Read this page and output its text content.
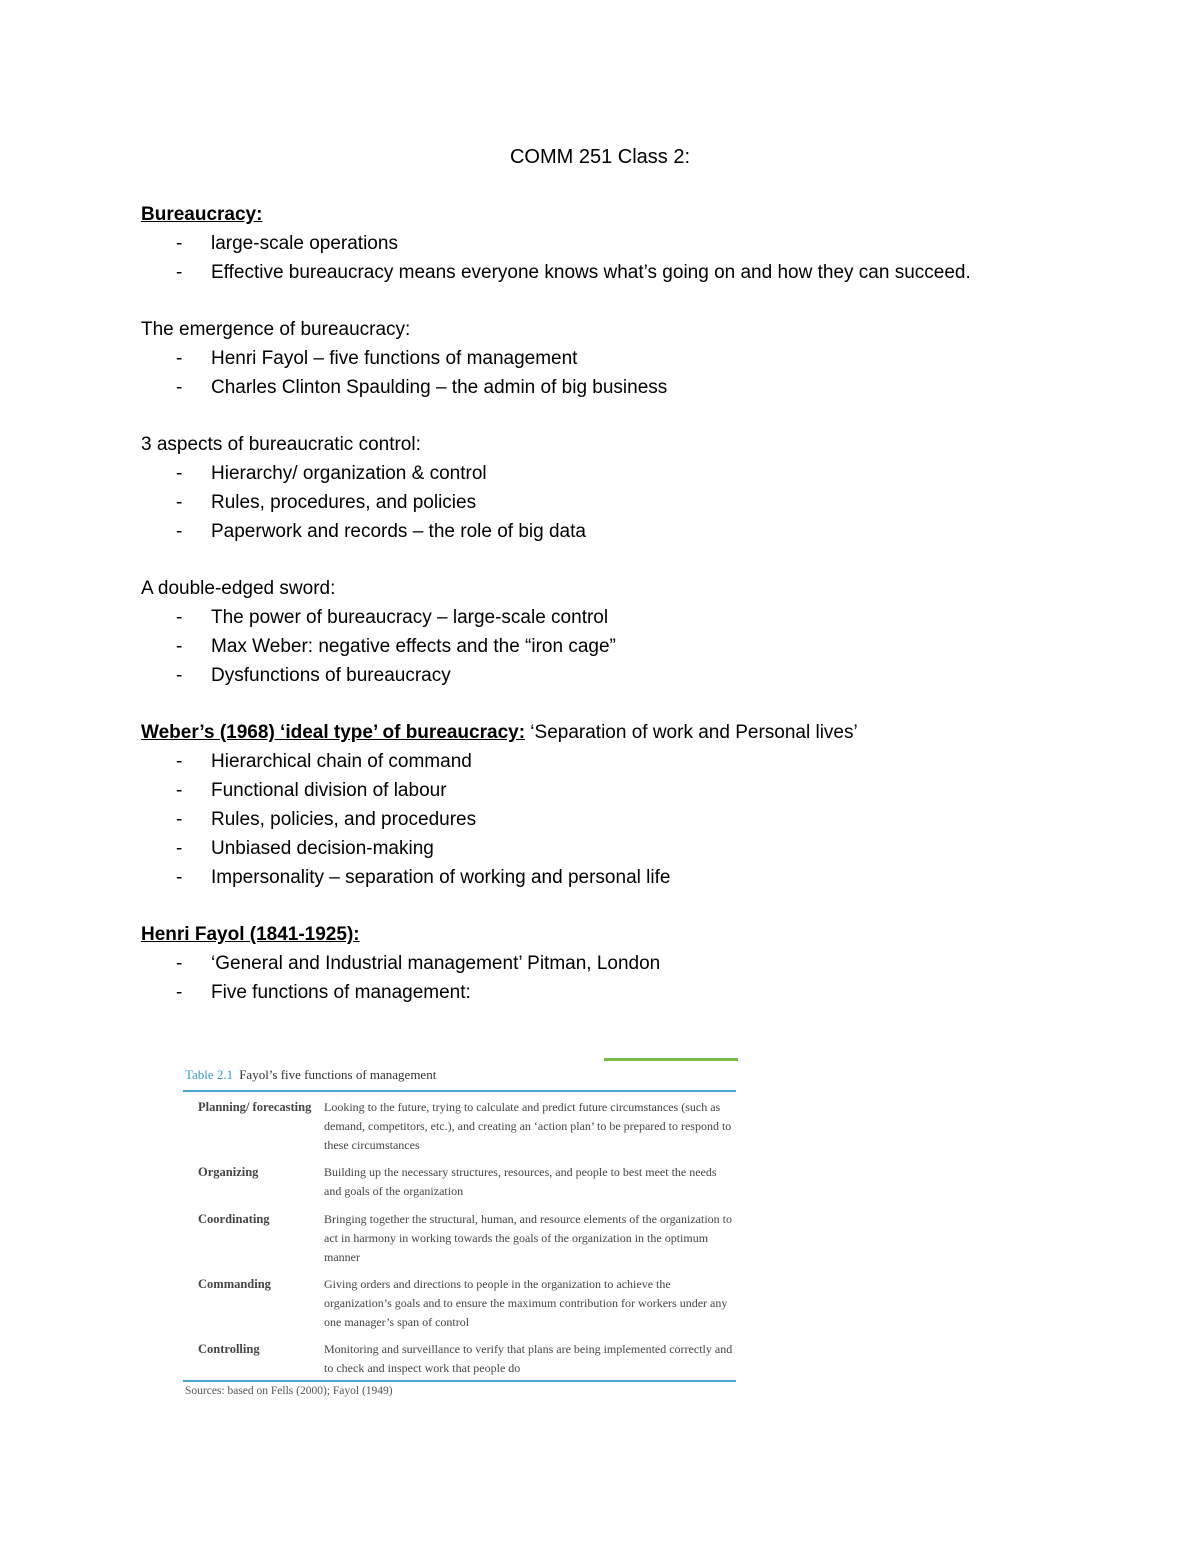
COMM 251 Class 2:
Bureaucracy:
- large-scale operations
- Effective bureaucracy means everyone knows what’s going on and how they can succeed.
The emergence of bureaucracy:
- Henri Fayol – five functions of management
- Charles Clinton Spaulding – the admin of big business
3 aspects of bureaucratic control:
- Hierarchy/ organization & control
- Rules, procedures, and policies
- Paperwork and records – the role of big data
A double-edged sword:
- The power of bureaucracy – large-scale control
- Max Weber: negative effects and the “iron cage”
- Dysfunctions of bureaucracy
Weber’s (1968) ‘ideal type’ of bureaucracy: ‘Separation of work and Personal lives’
- Hierarchical chain of command
- Functional division of labour
- Rules, policies, and procedures
- Unbiased decision-making
- Impersonality – separation of working and personal life
Henri Fayol (1841-1925):
- ‘General and Industrial management’ Pitman, London
- Five functions of management:
Table 2.1 Fayol’s five functions of management
Planning/ forecasting	Looking to the future, trying to calculate and predict future circumstances (such as demand, competitors, etc.), and creating an ‘action plan’ to be prepared to respond to these circumstances
Organizing	Building up the necessary structures, resources, and people to best meet the needs and goals of the organization
Coordinating	Bringing together the structural, human, and resource elements of the organization to act in harmony in working towards the goals of the organization in the optimum manner
Commanding	Giving orders and directions to people in the organization to achieve the organization’s goals and to ensure the maximum contribution for workers under any one manager’s span of control
Controlling	Monitoring and surveillance to verify that plans are being implemented correctly and to check and inspect work that people do
Sources: based on Fells (2000); Fayol (1949)
